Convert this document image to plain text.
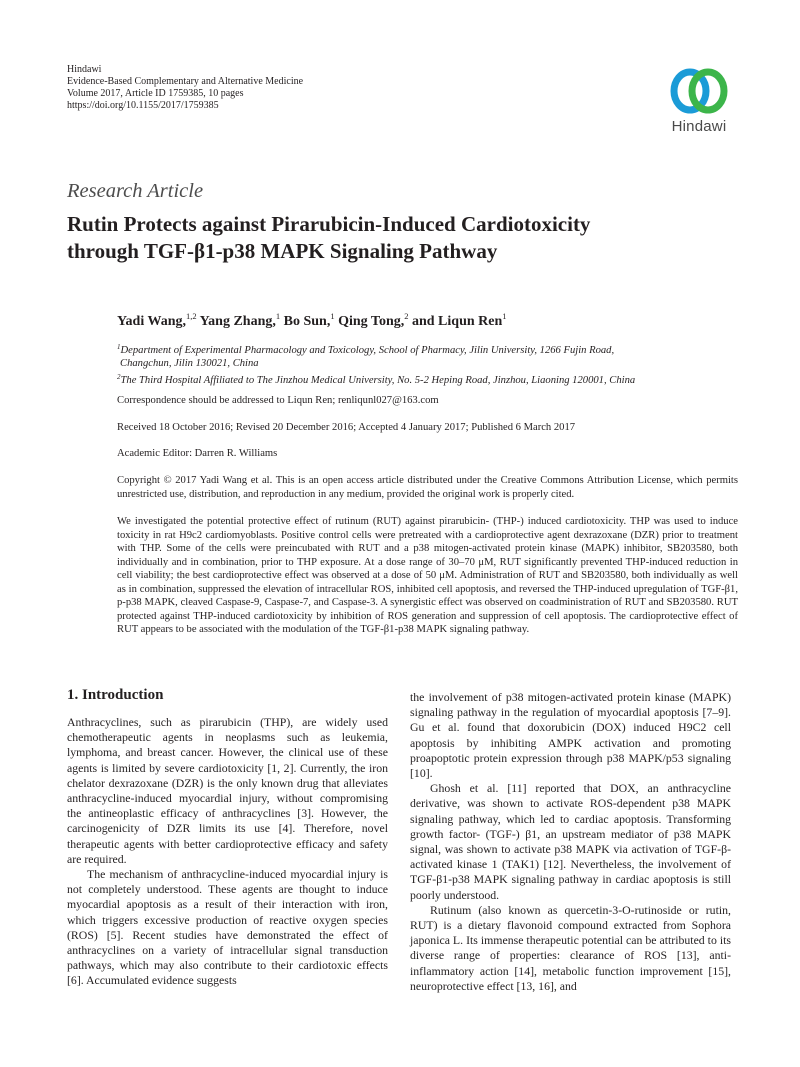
Hindawi
Evidence-Based Complementary and Alternative Medicine
Volume 2017, Article ID 1759385, 10 pages
https://doi.org/10.1155/2017/1759385
Hindawi
Research Article
Rutin Protects against Pirarubicin-Induced Cardiotoxicity
through TGF-β1-p38 MAPK Signaling Pathway
Yadi Wang,$^{1,2}$ Yang Zhang,$^1$ Bo Sun,$^1$ Qing Tong,$^2$ and Liqun Ren$^1$
$^1$Department of Experimental Pharmacology and Toxicology, School of Pharmacy, Jilin University, 1266 Fujin Road,
Changchun, Jilin 130021, China
$^2$The Third Hospital Affiliated to The Jinzhou Medical University, No. 5-2 Heping Road, Jinzhou, Liaoning 120001, China
Correspondence should be addressed to Liqun Ren; renliqunl027@163.com
Received 18 October 2016; Revised 20 December 2016; Accepted 4 January 2017; Published 6 March 2017
Academic Editor: Darren R. Williams
Copyright © 2017 Yadi Wang et al. This is an open access article distributed under the Creative Commons Attribution License, which permits unrestricted use, distribution, and reproduction in any medium, provided the original work is properly cited.
We investigated the potential protective effect of rutinum (RUT) against pirarubicin- (THP-) induced cardiotoxicity. THP was used to induce toxicity in rat H9c2 cardiomyoblasts. Positive control cells were pretreated with a cardioprotective agent dexrazoxane (DZR) prior to treatment with THP. Some of the cells were preincubated with RUT and a p38 mitogen-activated protein kinase (MAPK) inhibitor, SB203580, both individually and in combination, prior to THP exposure. At a dose range of 30–70 μM, RUT significantly prevented THP-induced reduction in cell viability; the best cardioprotective effect was observed at a dose of 50 μM. Administration of RUT and SB203580, both individually as well as in combination, suppressed the elevation of intracellular ROS, inhibited cell apoptosis, and reversed the THP-induced upregulation of TGF-β1, p-p38 MAPK, cleaved Caspase-9, Caspase-7, and Caspase-3. A synergistic effect was observed on coadministration of RUT and SB203580. RUT protected against THP-induced cardiotoxicity by inhibition of ROS generation and suppression of cell apoptosis. The cardioprotective effect of RUT appears to be associated with the modulation of the TGF-β1-p38 MAPK signaling pathway.
1. Introduction

Anthracyclines, such as pirarubicin (THP), are widely used chemotherapeutic agents in neoplasms such as leukemia, lymphoma, and breast cancer. However, the clinical use of these agents is limited by severe cardiotoxicity [1, 2]. Currently, the iron chelator dexrazoxane (DZR) is the only known drug that alleviates anthracycline-induced myocardial injury, without compromising the antineoplastic efficacy of anthracyclines [3]. However, the carcinogenicity of DZR limits its use [4]. Therefore, novel therapeutic agents with better cardioprotective efficacy and safety are required.

The mechanism of anthracycline-induced myocardial injury is not completely understood. These agents are thought to induce myocardial apoptosis as a result of their interaction with iron, which triggers excessive production of reactive oxygen species (ROS) [5]. Recent studies have demonstrated the effect of anthracyclines on a variety of intracellular signal transduction pathways, which may also contribute to their cardiotoxic effects [6]. Accumulated evidence suggests

the involvement of p38 mitogen-activated protein kinase (MAPK) signaling pathway in the regulation of myocardial apoptosis [7–9]. Gu et al. found that doxorubicin (DOX) induced H9C2 cell apoptosis by inhibiting AMPK activation and promoting proapoptotic protein expression through p38 MAPK/p53 signaling [10].

Ghosh et al. [11] reported that DOX, an anthracycline derivative, was shown to activate ROS-dependent p38 MAPK signaling pathway, which led to cardiac apoptosis. Transforming growth factor- (TGF-) β1, an upstream mediator of p38 MAPK signal, was shown to activate p38 MAPK via activation of TGF-β-activated kinase 1 (TAK1) [12]. Nevertheless, the involvement of TGF-β1-p38 MAPK signaling pathway in cardiac apoptosis is still poorly understood.

Rutinum (also known as quercetin-3-O-rutinoside or rutin, RUT) is a dietary flavonoid compound extracted from Sophora japonica L. Its immense therapeutic potential can be attributed to its diverse range of properties: clearance of ROS [13], anti-inflammatory action [14], metabolic function improvement [15], neuroprotective effect [13, 16], and
